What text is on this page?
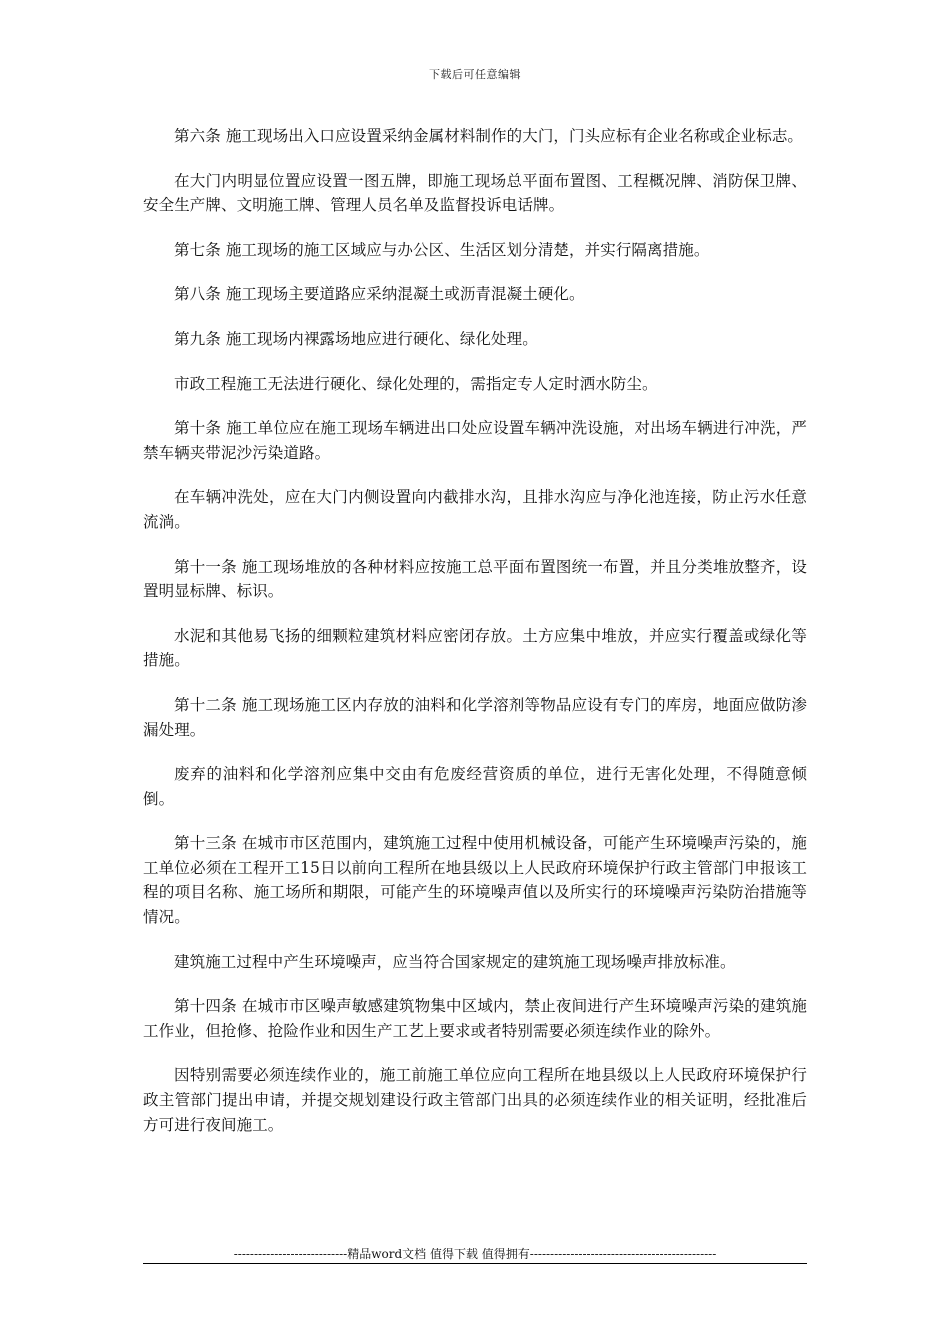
下载后可任意编辑

第六条 施工现场出入口应设置采纳金属材料制作的大门，门头应标有企业名称或企业标志。

在大门内明显位置应设置一图五牌，即施工现场总平面布置图、工程概况牌、消防保卫牌、安全生产牌、文明施工牌、管理人员名单及监督投诉电话牌。

第七条 施工现场的施工区域应与办公区、生活区划分清楚，并实行隔离措施。

第八条 施工现场主要道路应采纳混凝土或沥青混凝土硬化。

第九条 施工现场内裸露场地应进行硬化、绿化处理。

市政工程施工无法进行硬化、绿化处理的，需指定专人定时洒水防尘。

第十条 施工单位应在施工现场车辆进出口处应设置车辆冲洗设施，对出场车辆进行冲洗，严禁车辆夹带泥沙污染道路。

在车辆冲洗处，应在大门内侧设置向内截排水沟，且排水沟应与净化池连接，防止污水任意流淌。

第十一条 施工现场堆放的各种材料应按施工总平面布置图统一布置，并且分类堆放整齐，设置明显标牌、标识。

水泥和其他易飞扬的细颗粒建筑材料应密闭存放。土方应集中堆放，并应实行覆盖或绿化等措施。

第十二条 施工现场施工区内存放的油料和化学溶剂等物品应设有专门的库房，地面应做防渗漏处理。

废弃的油料和化学溶剂应集中交由有危废经营资质的单位，进行无害化处理，不得随意倾倒。

第十三条 在城市市区范围内，建筑施工过程中使用机械设备，可能产生环境噪声污染的，施工单位必须在工程开工15日以前向工程所在地县级以上人民政府环境保护行政主管部门申报该工程的项目名称、施工场所和期限，可能产生的环境噪声值以及所实行的环境噪声污染防治措施等情况。

建筑施工过程中产生环境噪声，应当符合国家规定的建筑施工现场噪声排放标准。

第十四条 在城市市区噪声敏感建筑物集中区域内，禁止夜间进行产生环境噪声污染的建筑施工作业，但抢修、抢险作业和因生产工艺上要求或者特别需要必须连续作业的除外。

因特别需要必须连续作业的，施工前施工单位应向工程所在地县级以上人民政府环境保护行政主管部门提出申请，并提交规划建设行政主管部门出具的必须连续作业的相关证明，经批准后方可进行夜间施工。

----------------------------精品word文档 值得下载 值得拥有----------------------------------------------
